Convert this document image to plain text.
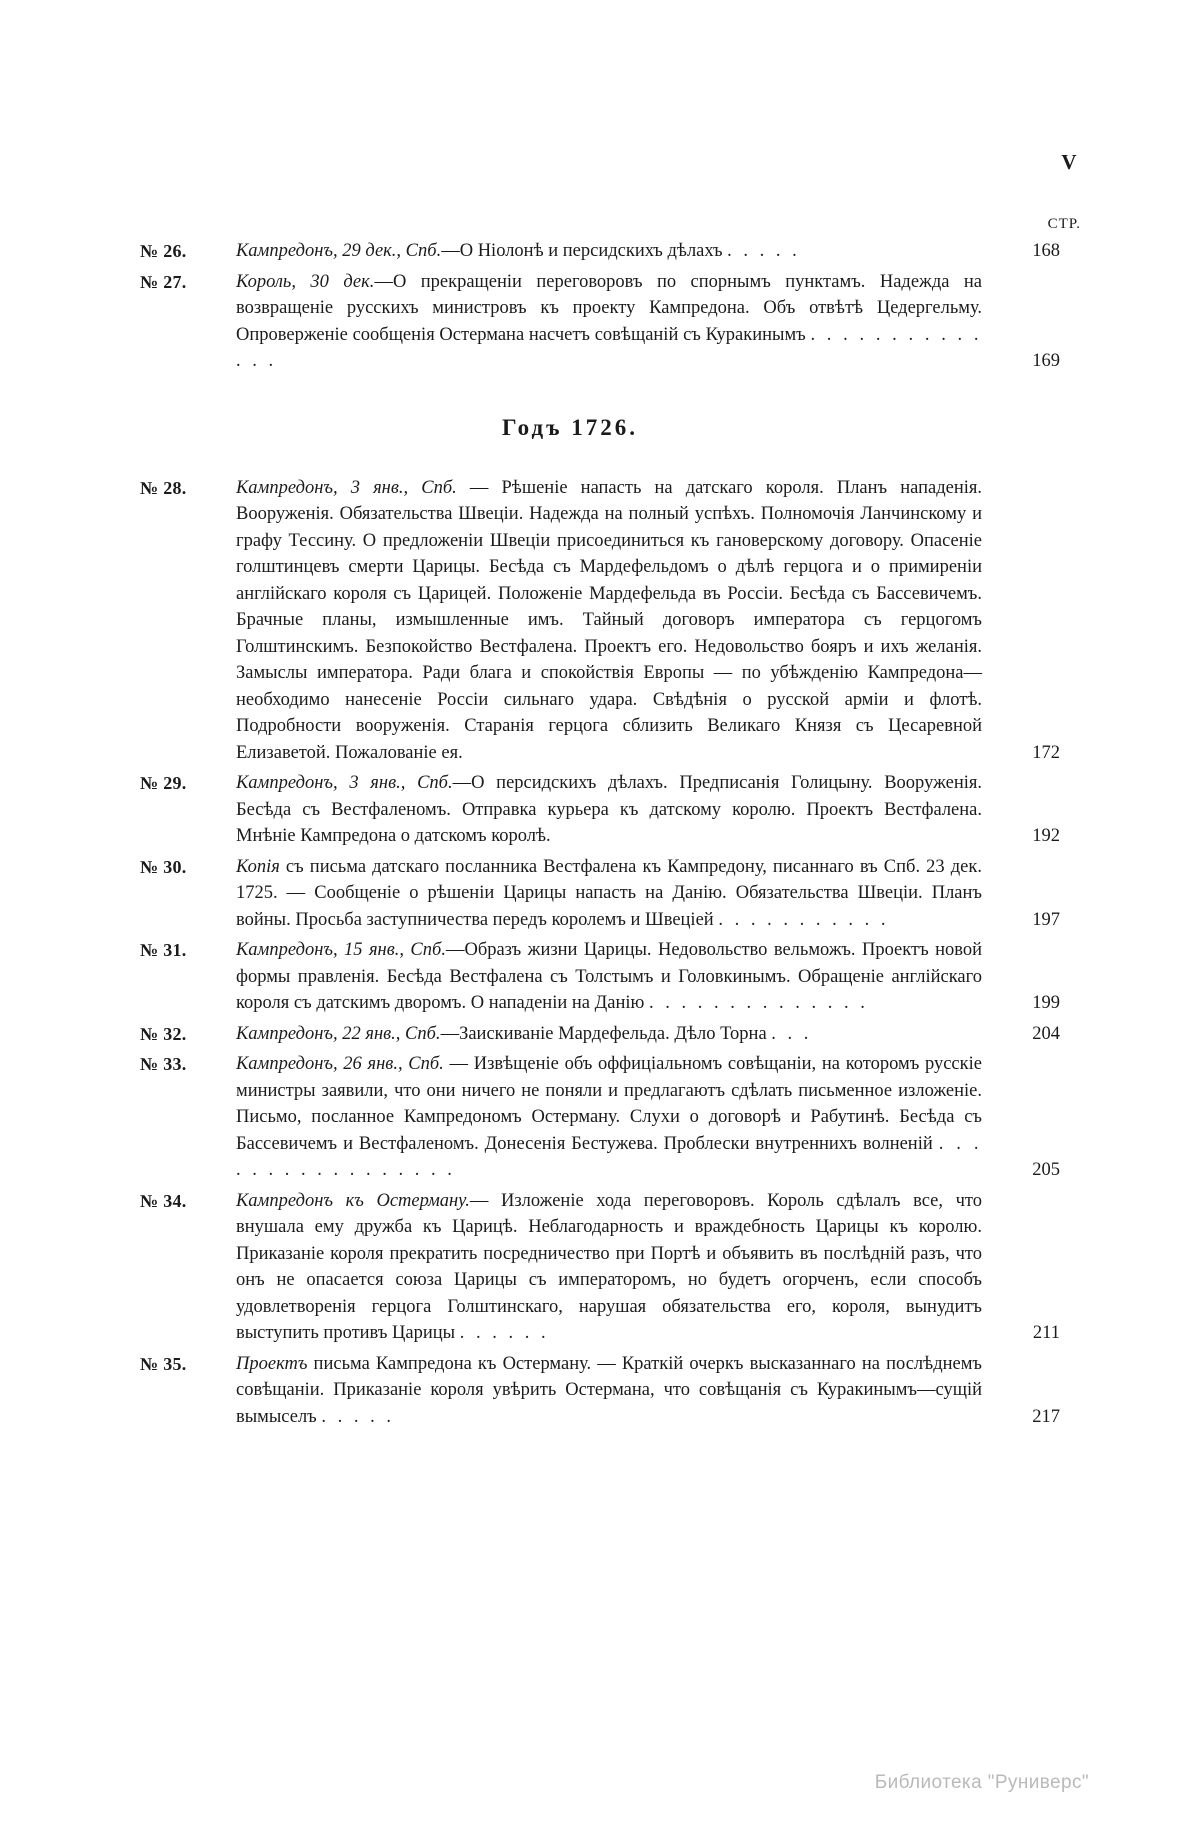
V
СТР.
№ 26.	Кампредонъ, 29 дек., Спб.—О Ніолонѣ и персидскихъ дѣлахъ . . . . .	168
№ 27.	Король, 30 дек.—О прекращеніи переговоровъ по спорнымъ пунктамъ. Надежда на возвращеніе русскихъ министровъ къ проекту Кампредона. Объ отвѣтѣ Цедергельму. Опроверженіе сообщенія Остермана насчетъ совѣщаній съ Куракинымъ . . . . . . . . . . . . . .	169
Годъ 1726.
№ 28.	Кампредонъ, 3 янв., Спб. — Рѣшеніе напасть на датскаго короля. Планъ нападенія. Вооруженія. Обязательства Швеціи. Надежда на полный успѣхъ. Полномочія Ланчинскому и графу Тессину. О предложеніи Швеціи присоединиться къ гановерскому договору. Опасеніе голштинцевъ смерти Царицы. Бесѣда съ Мардефельдомъ о дѣлѣ герцога и о примиреніи англійскаго короля съ Царицей. Положеніе Мардефельда въ Россіи. Бесѣда съ Бассевичемъ. Брачные планы, измышленные имъ. Тайный договоръ императора съ герцогомъ Голштинскимъ. Безпокойство Вестфалена. Проектъ его. Недовольство бояръ и ихъ желанія. Замыслы императора. Ради блага и спокойствія Европы — по убѣжденію Кампредона—необходимо нанесеніе Россіи сильнаго удара. Свѣдѣнія о русской арміи и флотѣ. Подробности вооруженія. Старанія герцога сблизить Великаго Князя съ Цесаревной Елизаветой. Пожалованіе ея.	172
№ 29.	Кампредонъ, 3 янв., Спб.—О персидскихъ дѣлахъ. Предписанія Голицыну. Вооруженія. Бесѣда съ Вестфаленомъ. Отправка курьера къ датскому королю. Проектъ Вестфалена. Мнѣніе Кампредона о датскомъ королѣ.	192
№ 30.	Копія съ письма датскаго посланника Вестфалена къ Кампредону, писаннаго въ Спб. 23 дек. 1725. — Сообщеніе о рѣшеніи Царицы напасть на Данію. Обязательства Швеціи. Планъ войны. Просьба заступничества передъ королемъ и Швеціей . . . . . . . . . . .	197
№ 31.	Кампредонъ, 15 янв., Спб.—Образъ жизни Царицы. Недовольство вельможъ. Проектъ новой формы правленія. Бесѣда Вестфалена съ Толстымъ и Головкинымъ. Обращеніе англійскаго короля съ датскимъ дворомъ. О нападеніи на Данію . . . . . . . . . . . . . .	199
№ 32.	Кампредонъ, 22 янв., Спб.—Заискиваніе Мардефельда. Дѣло Торна . . .	204
№ 33.	Кампредонъ, 26 янв., Спб. — Извѣщеніе объ оффиціальномъ совѣщаніи, на которомъ русскіе министры заявили, что они ничего не поняли и предлагаютъ сдѣлать письменное изложеніе. Письмо, посланное Кампредономъ Остерману. Слухи о договорѣ и Рабутинѣ. Бесѣда съ Бассевичемъ и Вестфаленомъ. Донесенія Бестужева. Проблески внутреннихъ волненій . . . . . . . . . . . . . . . . .	205
№ 34.	Кампредонъ къ Остерману.— Изложеніе хода переговоровъ. Король сдѣлалъ все, что внушала ему дружба къ Царицѣ. Неблагодарность и враждебность Царицы къ королю. Приказаніе короля прекратить посредничество при Портѣ и объявить въ послѣдній разъ, что онъ не опасается союза Царицы съ императоромъ, но будетъ огорченъ, если способъ удовлетворенія герцога Голштинскаго, нарушая обязательства его, короля, вынудитъ выступить противъ Царицы . . . . . .	211
№ 35.	Проектъ письма Кампредона къ Остерману. — Краткій очеркъ высказаннаго на послѣднемъ совѣщаніи. Приказаніе короля увѣрить Остермана, что совѣщанія съ Куракинымъ—сущій вымыселъ . . . . .	217
Библиотека "Руниверс"
